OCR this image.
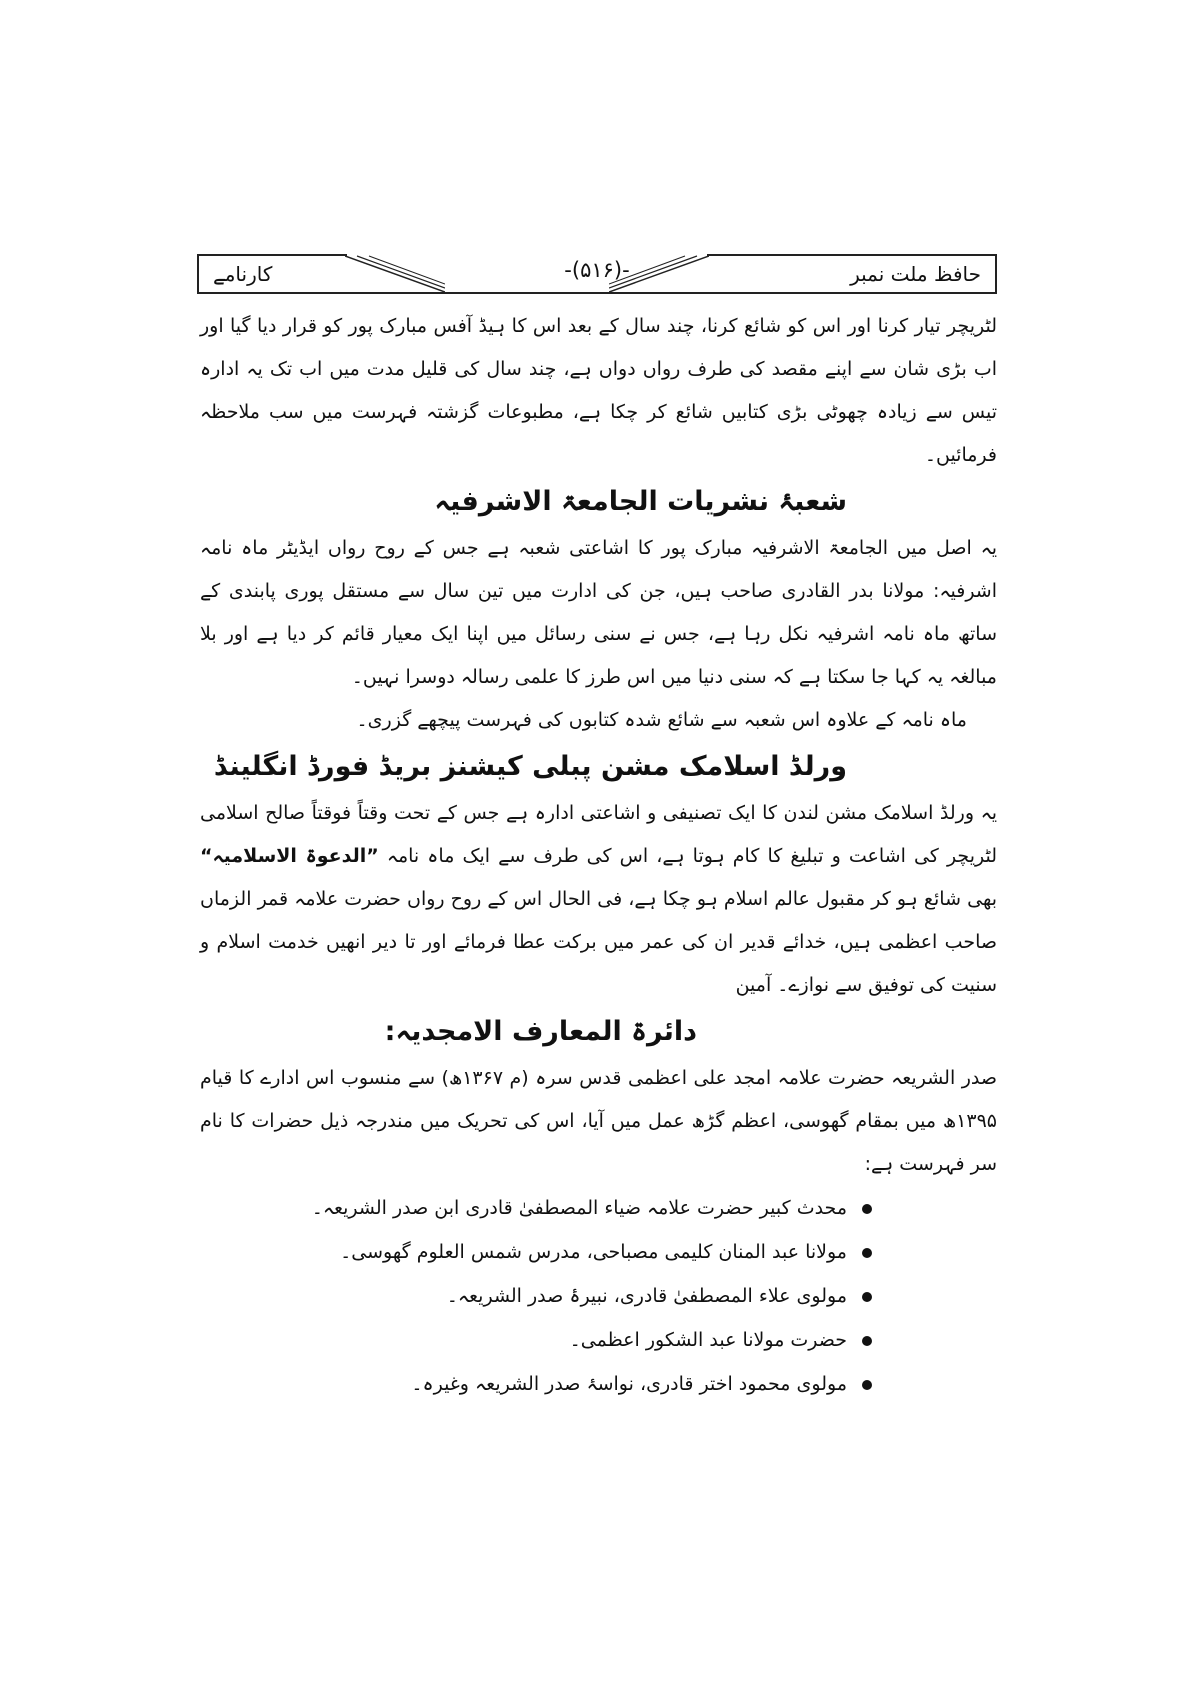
حافظ ملت نمبر
-(۵۱۶)-
کارنامے

لٹریچر تیار کرنا اور اس کو شائع کرنا، چند سال کے بعد اس کا ہیڈ آفس مبارک پور کو قرار دیا گیا اور اب بڑی شان سے اپنے مقصد کی طرف رواں دواں ہے، چند سال کی قلیل مدت میں اب تک یہ ادارہ تیس سے زیادہ چھوٹی بڑی کتابیں شائع کر چکا ہے، مطبوعات گزشتہ فہرست میں سب ملاحظہ فرمائیں۔

شعبۂ نشریات الجامعۃ الاشرفیہ

یہ اصل میں الجامعۃ الاشرفیہ مبارک پور کا اشاعتی شعبہ ہے جس کے روح رواں ایڈیٹر ماہ نامہ اشرفیہ: مولانا بدر القادری صاحب ہیں، جن کی ادارت میں تین سال سے مستقل پوری پابندی کے ساتھ ماہ نامہ اشرفیہ نکل رہا ہے، جس نے سنی رسائل میں اپنا ایک معیار قائم کر دیا ہے اور بلا مبالغہ یہ کہا جا سکتا ہے کہ سنی دنیا میں اس طرز کا علمی رسالہ دوسرا نہیں۔

ماہ نامہ کے علاوہ اس شعبہ سے شائع شدہ کتابوں کی فہرست پیچھے گزری۔

ورلڈ اسلامک مشن پبلی کیشنز بریڈ فورڈ انگلینڈ

یہ ورلڈ اسلامک مشن لندن کا ایک تصنیفی و اشاعتی ادارہ ہے جس کے تحت وقتاً فوقتاً صالح اسلامی لٹریچر کی اشاعت و تبلیغ کا کام ہوتا ہے، اس کی طرف سے ایک ماہ نامہ ”الدعوۃ الاسلامیہ“ بھی شائع ہو کر مقبول عالم اسلام ہو چکا ہے، فی الحال اس کے روح رواں حضرت علامہ قمر الزماں صاحب اعظمی ہیں، خدائے قدیر ان کی عمر میں برکت عطا فرمائے اور تا دیر انھیں خدمت اسلام و سنیت کی توفیق سے نوازے۔ آمین

دائرۃ المعارف الامجدیہ:

صدر الشریعہ حضرت علامہ امجد علی اعظمی قدس سرہ (م ۱۳۶۷ھ) سے منسوب اس ادارے کا قیام ۱۳۹۵ھ میں بمقام گھوسی، اعظم گڑھ عمل میں آیا، اس کی تحریک میں مندرجہ ذیل حضرات کا نام سر فہرست ہے:

محدث کبیر حضرت علامہ ضیاء المصطفیٰ قادری ابن صدر الشریعہ۔
مولانا عبد المنان کلیمی مصباحی، مدرس شمس العلوم گھوسی۔
مولوی علاء المصطفیٰ قادری، نبیرۂ صدر الشریعہ۔
حضرت مولانا عبد الشکور اعظمی۔
مولوی محمود اختر قادری، نواسۂ صدر الشریعہ وغیرہ۔
